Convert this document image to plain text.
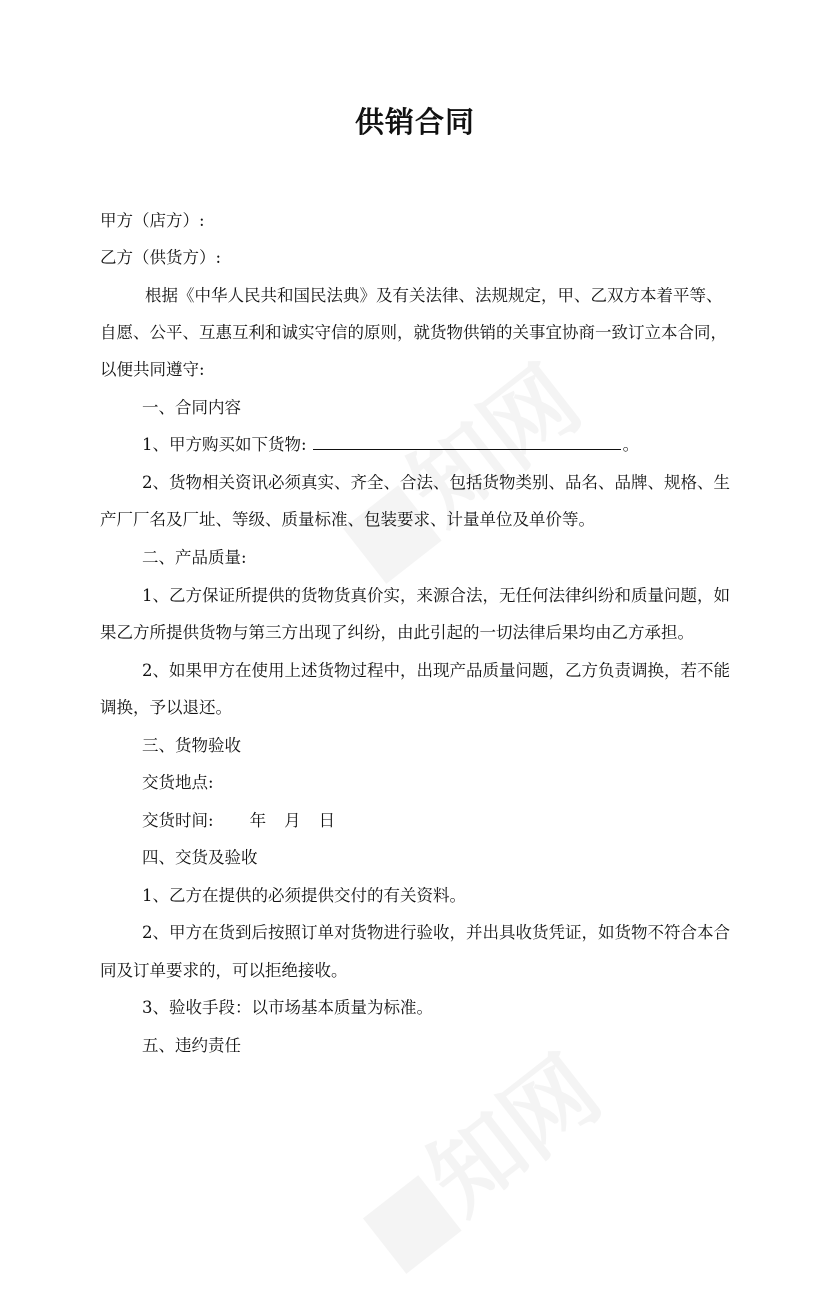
供销合同
甲方（店方）:
乙方（供货方）:
根据《中华人民共和国民法典》及有关法律、法规规定，甲、乙双方本着平等、
自愿、公平、互惠互利和诚实守信的原则，就货物供销的关事宜协商一致订立本合同，
以便共同遵守:
一、合同内容
1、甲方购买如下货物:	。
2、货物相关资讯必须真实、齐全、合法、包括货物类别、品名、品牌、规格、生
产厂厂名及厂址、等级、质量标准、包装要求、计量单位及单价等。
二、产品质量:
1、乙方保证所提供的货物货真价实，来源合法，无任何法律纠纷和质量问题，如
果乙方所提供货物与第三方出现了纠纷，由此引起的一切法律后果均由乙方承担。
2、如果甲方在使用上述货物过程中，出现产品质量问题，乙方负责调换，若不能
调换，予以退还。
三、货物验收
交货地点:
交货时间: 年 月 日
四、交货及验收
1、乙方在提供的必须提供交付的有关资料。
2、甲方在货到后按照订单对货物进行验收，并出具收货凭证，如货物不符合本合
同及订单要求的，可以拒绝接收。
3、验收手段：以市场基本质量为标准。
五、违约责任
